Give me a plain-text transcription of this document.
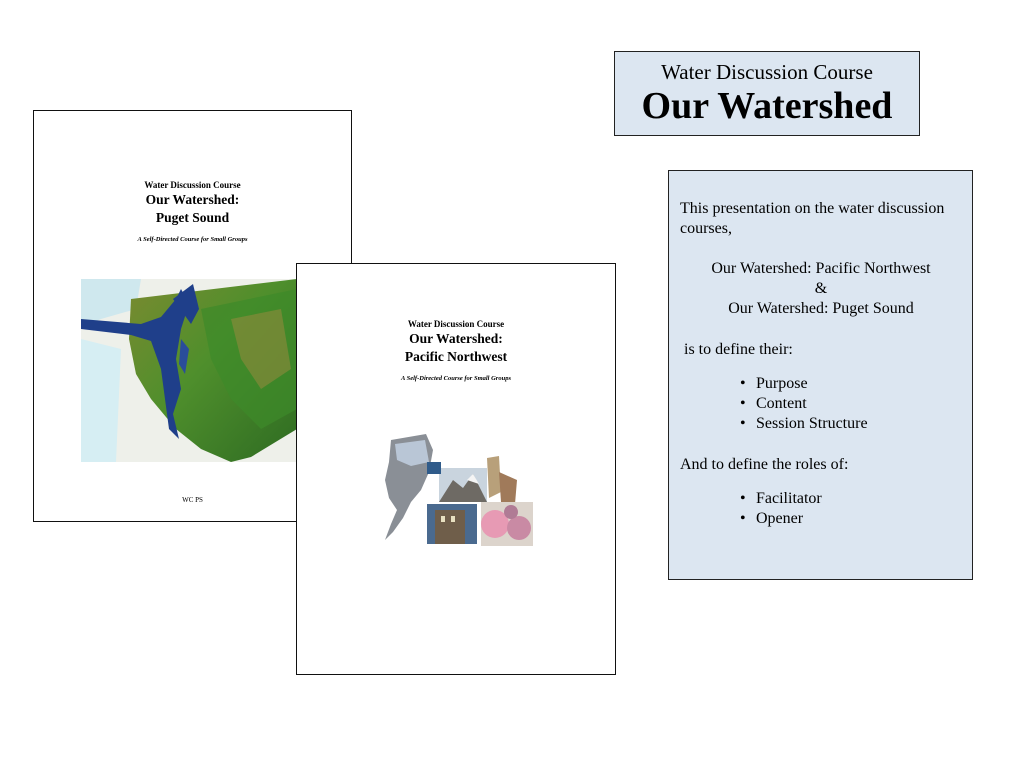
Water Discussion Course
Our Watershed:
Puget Sound
A Self-Directed Course for Small Groups
WC PS
Water Discussion Course
Our Watershed:
Pacific Northwest
A Self-Directed Course for Small Groups
Water Discussion Course
Our Watershed

This presentation on the water discussion courses,

Our Watershed: Pacific Northwest

&

Our Watershed: Puget Sound

is to define their:

• Purpose
• Content
• Session Structure

And to define the roles of:

• Facilitator
• Opener
